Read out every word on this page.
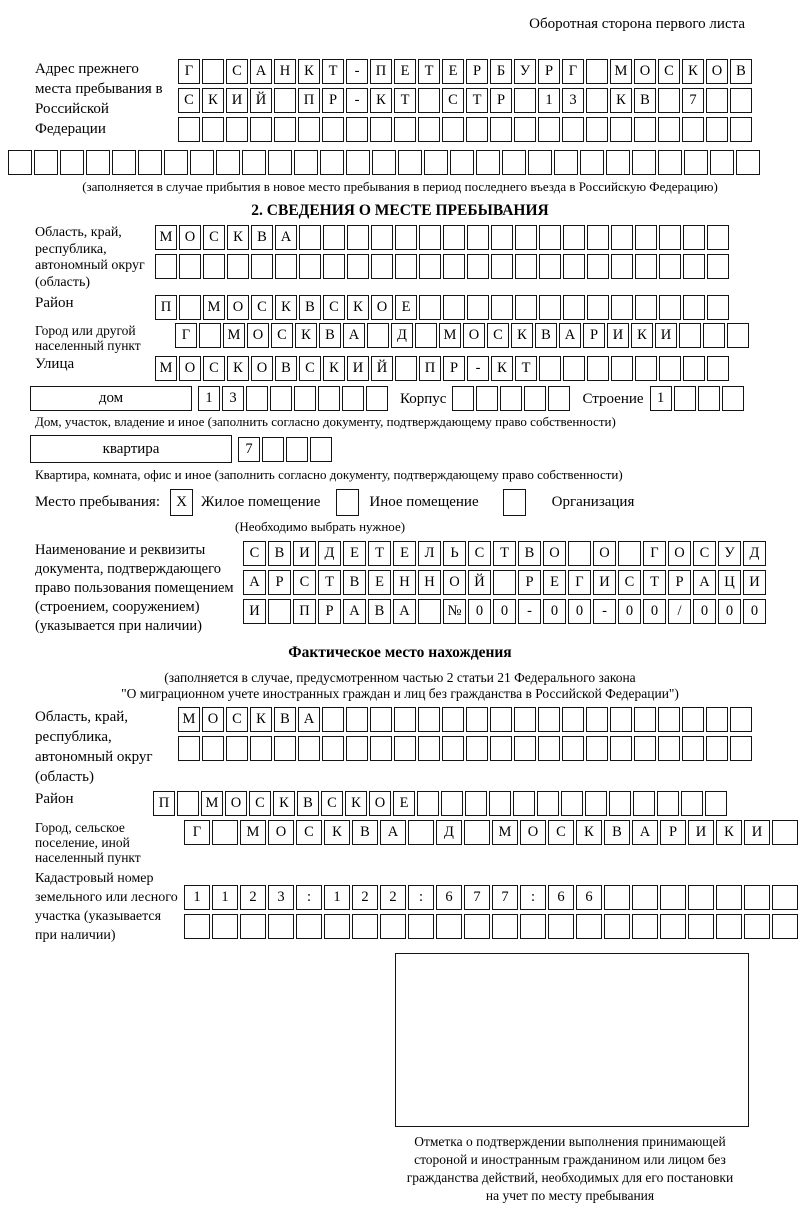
Оборотная сторона первого листа
Адрес прежнего места пребывания в Российской Федерации
Г	С А Н К	Т	-	П Е	Т	Е	Р	Б	У	Р	Г	М О С К О В
С К И Й	П	Р	-	К	Т	С	Т	Р	1	3	К В	7
(заполняется в случае прибытия в новое место пребывания в период последнего въезда в Российскую Федерацию)
2. СВЕДЕНИЯ О МЕСТЕ ПРЕБЫВАНИЯ
Область, край, республика, автономный округ (область)
М О С К В А
Район	П	М О С К В С К О Е
Город или другой населенный пункт
Г	М О С К В А	Д	М О С К В А	Р	И К И
Улица	М О С К О В С К И Й	П	Р	-	К	Т
дом	1	3	Корпус	Строение 1
Дом, участок, владение и иное (заполнить согласно документу, подтверждающему право собственности)
квартира	7
Квартира, комната, офис и иное (заполнить согласно документу, подтверждающему право собственности)
Место пребывания:	X Жилое помещение	Иное помещение	Организация
(Необходимо выбрать нужное)
Наименование и реквизиты документа, подтверждающего право пользования помещением (строением, сооружением) (указывается при наличии)
С	В	И	Д	Е	Т	Е	Л	Ь	С	Т	В	О	О	Г	О	С	У	Д
А	Р	С	Т	В	Е	Н	Н	О	Й	Р	Е	Г	И	С	Т	Р	А	Ц	И
И	П	Р	А	В	А	№ 0	0	-	0	0	-	0	0	/	0	0	0
Фактическое место нахождения
(заполняется в случае, предусмотренном частью 2 статьи 21 Федерального закона
"О миграционном учете иностранных граждан и лиц без гражданства в Российской Федерации")
Область, край, республика, автономный округ (область)
М О С К В А
Район	П	М О С К В С К О Е
Город, сельское поселение, иной населенный пункт
Г	М	О	С	К	В	А	Д	М	О	С	К	В	А	Р	И	К	И
Кадастровый номер земельного или лесного участка (указывается при наличии)
1	1	2	3	:	1	2	2	:	6	7	7	:	6	6
Отметка о подтверждении выполнения принимающей
стороной и иностранным гражданином или лицом без
гражданства действий, необходимых для его постановки
на учет по месту пребывания
